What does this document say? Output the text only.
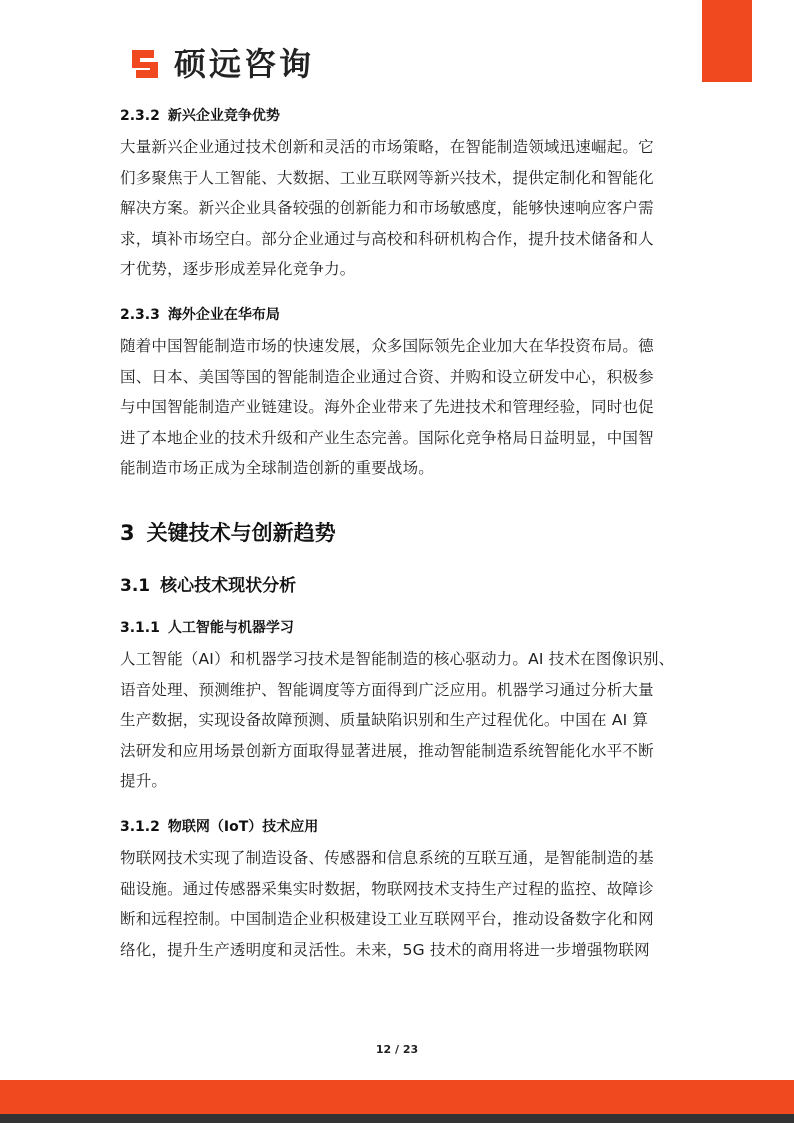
硕远咨询

2.3.2 新兴企业竞争优势

大量新兴企业通过技术创新和灵活的市场策略，在智能制造领域迅速崛起。它

们多聚焦于人工智能、大数据、工业互联网等新兴技术，提供定制化和智能化

解决方案。新兴企业具备较强的创新能力和市场敏感度，能够快速响应客户需

求，填补市场空白。部分企业通过与高校和科研机构合作，提升技术储备和人

才优势，逐步形成差异化竞争力。

2.3.3 海外企业在华布局

随着中国智能制造市场的快速发展，众多国际领先企业加大在华投资布局。德

国、日本、美国等国的智能制造企业通过合资、并购和设立研发中心，积极参

与中国智能制造产业链建设。海外企业带来了先进技术和管理经验，同时也促

进了本地企业的技术升级和产业生态完善。国际化竞争格局日益明显，中国智

能制造市场正成为全球制造创新的重要战场。

3 关键技术与创新趋势

3.1 核心技术现状分析

3.1.1 人工智能与机器学习

人工智能（AI）和机器学习技术是智能制造的核心驱动力。AI 技术在图像识别、

语音处理、预测维护、智能调度等方面得到广泛应用。机器学习通过分析大量

生产数据，实现设备故障预测、质量缺陷识别和生产过程优化。中国在 AI 算

法研发和应用场景创新方面取得显著进展，推动智能制造系统智能化水平不断

提升。

3.1.2 物联网（IoT）技术应用

物联网技术实现了制造设备、传感器和信息系统的互联互通，是智能制造的基

础设施。通过传感器采集实时数据，物联网技术支持生产过程的监控、故障诊

断和远程控制。中国制造企业积极建设工业互联网平台，推动设备数字化和网

络化，提升生产透明度和灵活性。未来，5G 技术的商用将进一步增强物联网

12 / 23
